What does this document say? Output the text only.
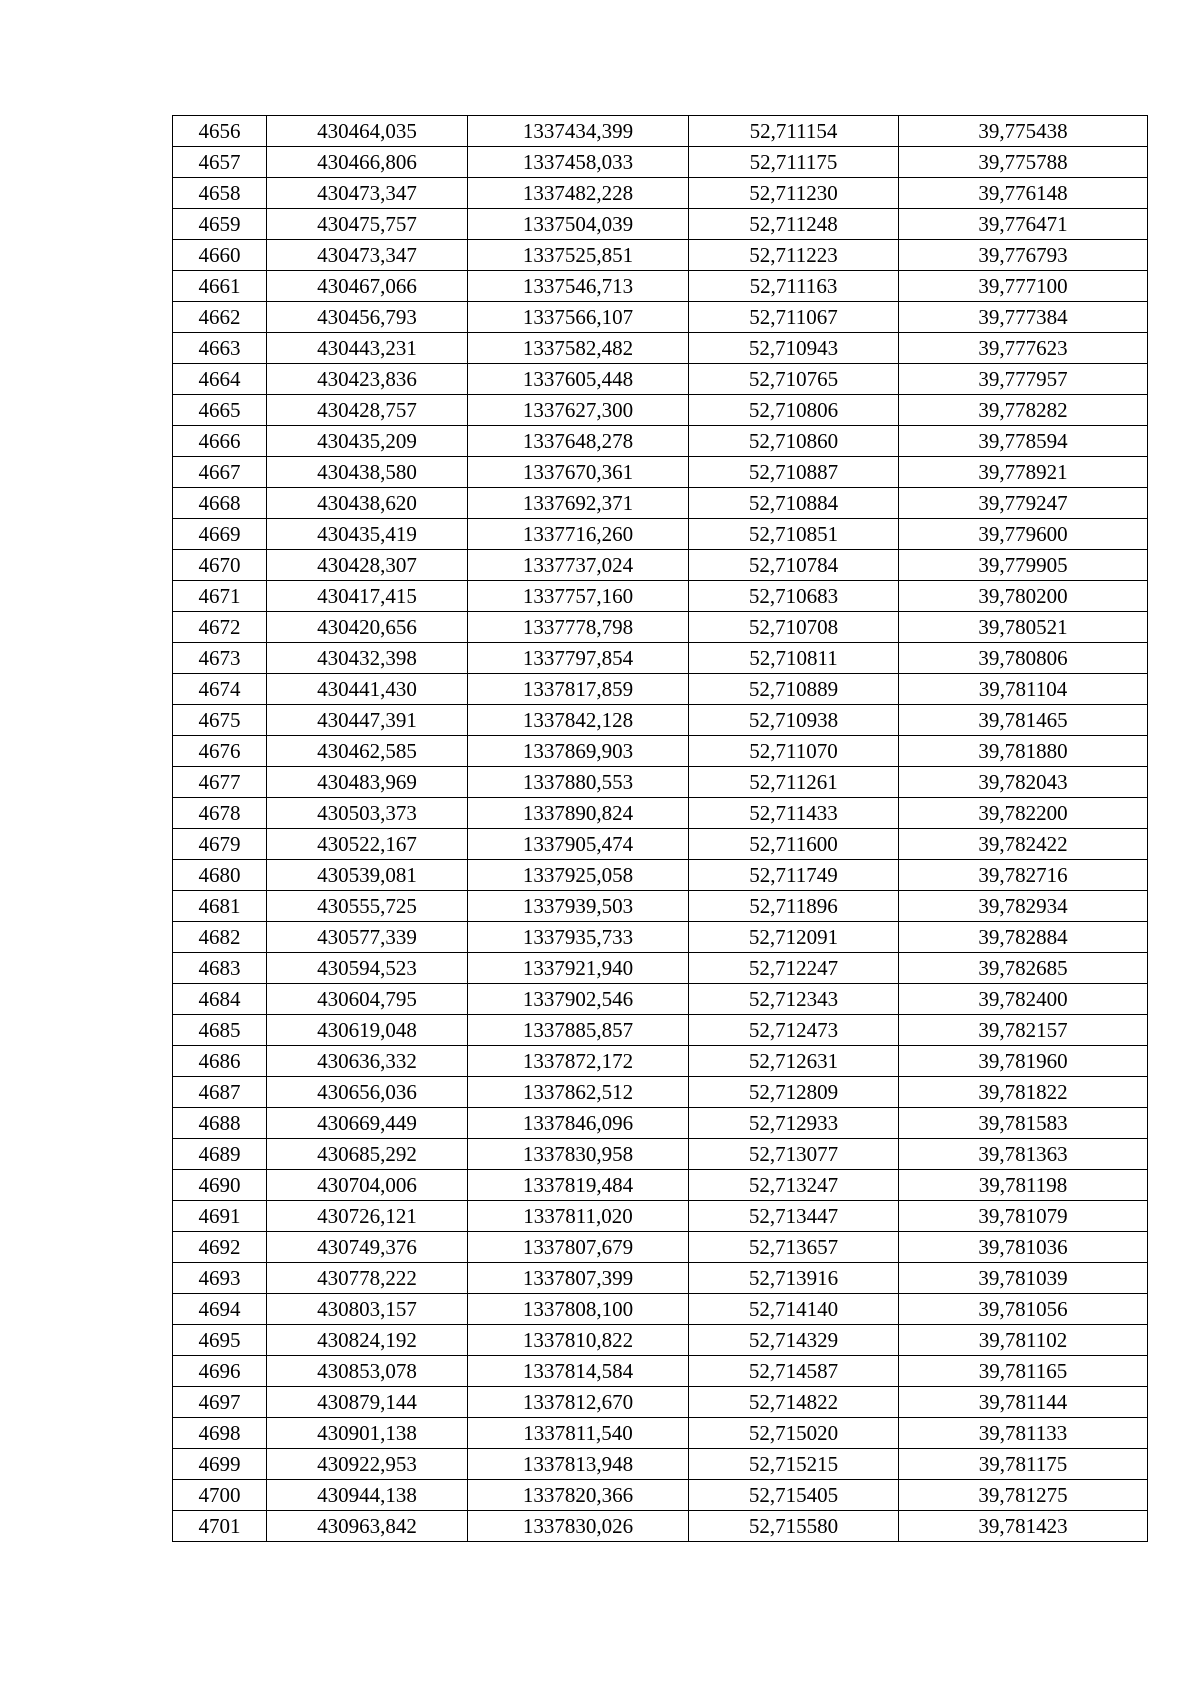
4656	430464,035	1337434,399	52,711154	39,775438
4657	430466,806	1337458,033	52,711175	39,775788
4658	430473,347	1337482,228	52,711230	39,776148
4659	430475,757	1337504,039	52,711248	39,776471
4660	430473,347	1337525,851	52,711223	39,776793
4661	430467,066	1337546,713	52,711163	39,777100
4662	430456,793	1337566,107	52,711067	39,777384
4663	430443,231	1337582,482	52,710943	39,777623
4664	430423,836	1337605,448	52,710765	39,777957
4665	430428,757	1337627,300	52,710806	39,778282
4666	430435,209	1337648,278	52,710860	39,778594
4667	430438,580	1337670,361	52,710887	39,778921
4668	430438,620	1337692,371	52,710884	39,779247
4669	430435,419	1337716,260	52,710851	39,779600
4670	430428,307	1337737,024	52,710784	39,779905
4671	430417,415	1337757,160	52,710683	39,780200
4672	430420,656	1337778,798	52,710708	39,780521
4673	430432,398	1337797,854	52,710811	39,780806
4674	430441,430	1337817,859	52,710889	39,781104
4675	430447,391	1337842,128	52,710938	39,781465
4676	430462,585	1337869,903	52,711070	39,781880
4677	430483,969	1337880,553	52,711261	39,782043
4678	430503,373	1337890,824	52,711433	39,782200
4679	430522,167	1337905,474	52,711600	39,782422
4680	430539,081	1337925,058	52,711749	39,782716
4681	430555,725	1337939,503	52,711896	39,782934
4682	430577,339	1337935,733	52,712091	39,782884
4683	430594,523	1337921,940	52,712247	39,782685
4684	430604,795	1337902,546	52,712343	39,782400
4685	430619,048	1337885,857	52,712473	39,782157
4686	430636,332	1337872,172	52,712631	39,781960
4687	430656,036	1337862,512	52,712809	39,781822
4688	430669,449	1337846,096	52,712933	39,781583
4689	430685,292	1337830,958	52,713077	39,781363
4690	430704,006	1337819,484	52,713247	39,781198
4691	430726,121	1337811,020	52,713447	39,781079
4692	430749,376	1337807,679	52,713657	39,781036
4693	430778,222	1337807,399	52,713916	39,781039
4694	430803,157	1337808,100	52,714140	39,781056
4695	430824,192	1337810,822	52,714329	39,781102
4696	430853,078	1337814,584	52,714587	39,781165
4697	430879,144	1337812,670	52,714822	39,781144
4698	430901,138	1337811,540	52,715020	39,781133
4699	430922,953	1337813,948	52,715215	39,781175
4700	430944,138	1337820,366	52,715405	39,781275
4701	430963,842	1337830,026	52,715580	39,781423
